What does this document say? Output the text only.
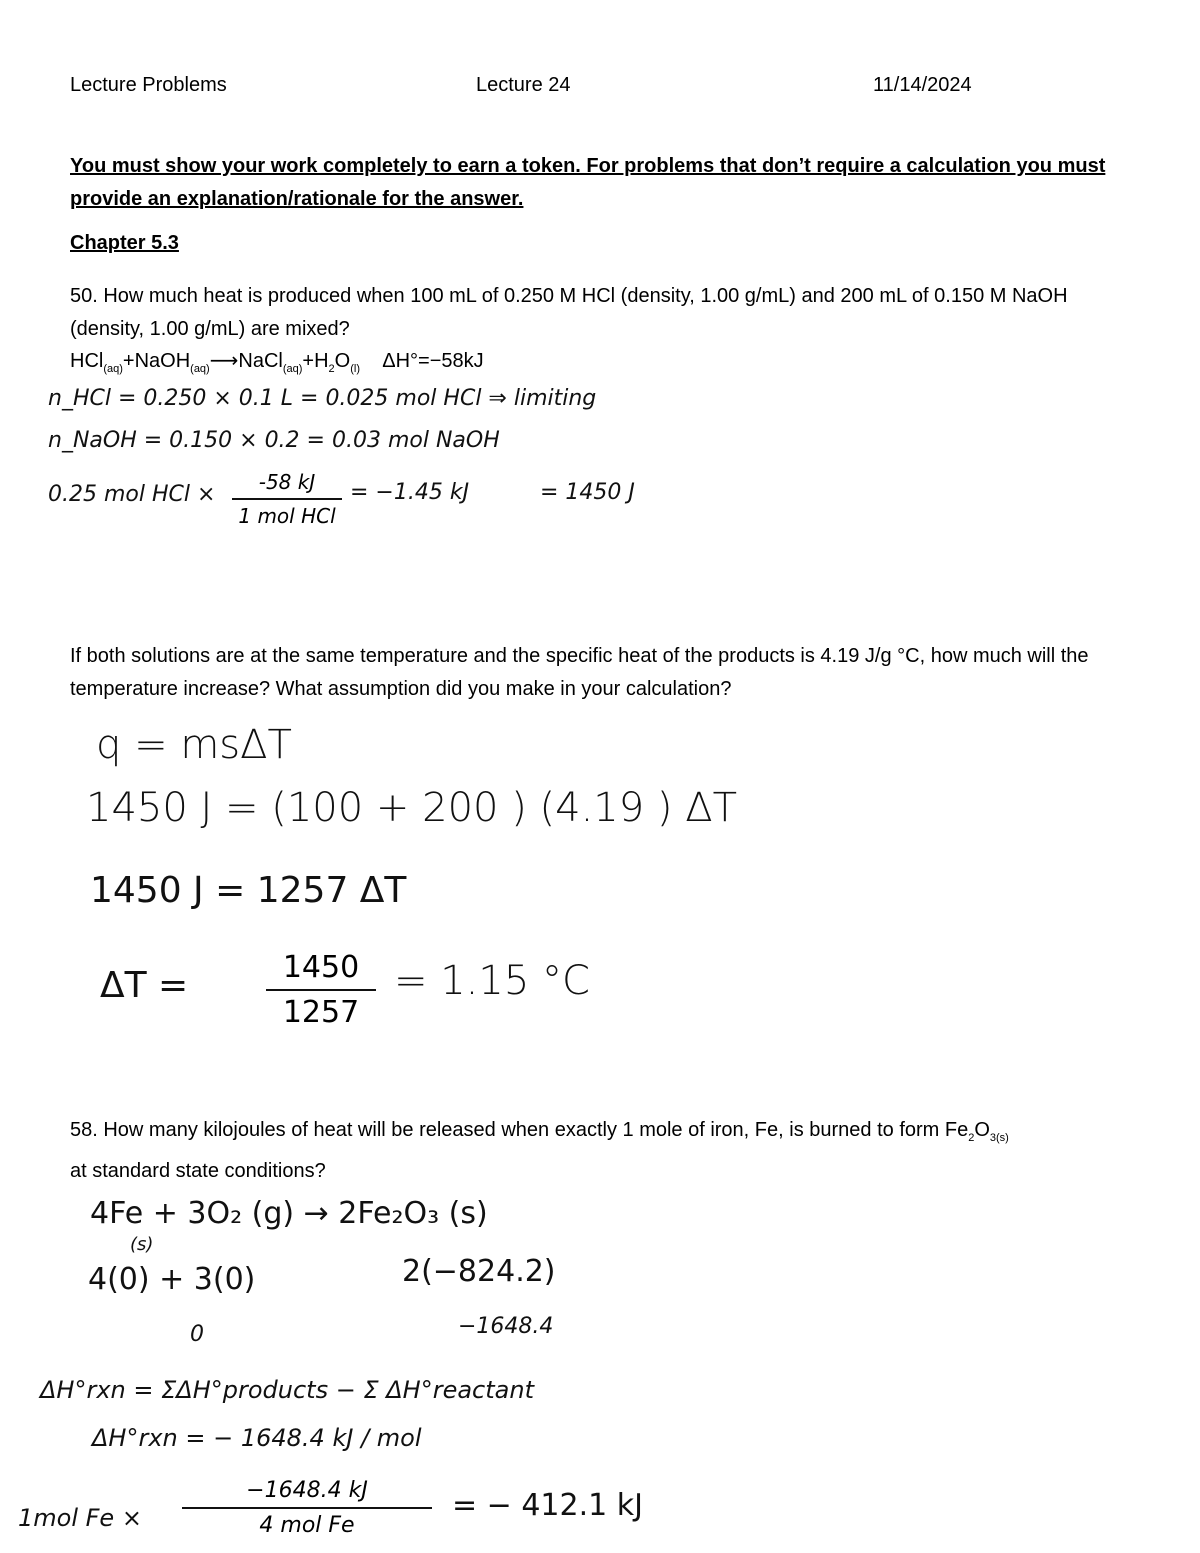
Lecture Problems	Lecture 24	11/14/2024
You must show your work completely to earn a token. For problems that don’t require a calculation you must provide an explanation/rationale for the answer.
Chapter 5.3
50. How much heat is produced when 100 mL of 0.250 M HCl (density, 1.00 g/mL) and 200 mL of 0.150 M NaOH (density, 1.00 g/mL) are mixed?
$HCl_{(aq)}+NaOH_{(aq)}⟶NaCl_{(aq)}+H_2O_{(l)}$ ΔH°=−58kJ
n_HCl = 0.250 × 0.1 L = 0.025 mol HCl ⇒ limiting
n_NaOH = 0.150 × 0.2 = 0.03 mol NaOH
0.25 mol HCl ×	-58 kJ
1 mol HCl
= −1.45 kJ	= 1450 J
If both solutions are at the same temperature and the specific heat of the products is 4.19 J/g °C, how much will the temperature increase? What assumption did you make in your calculation?
q = msΔT
1450 J = (100 + 200 ) (4.19 ) ΔT
1450 J = 1257 ΔT
ΔT =	1450
1257
= 1.15 °C
58. How many kilojoules of heat will be released when exactly 1 mole of iron, Fe, is burned to form $Fe_2O_{3(s)}$
at standard state conditions?
4Fe + 3O₂ (g) → 2Fe₂O₃ (s)
(s)
4(0) + 3(0)	2(−824.2)
0	−1648.4
ΔH°rxn = ΣΔH°products − Σ ΔH°reactant
ΔH°rxn = − 1648.4 kJ / mol
1mol Fe ×
−1648.4 kJ
4 mol Fe
= − 412.1 kJ
